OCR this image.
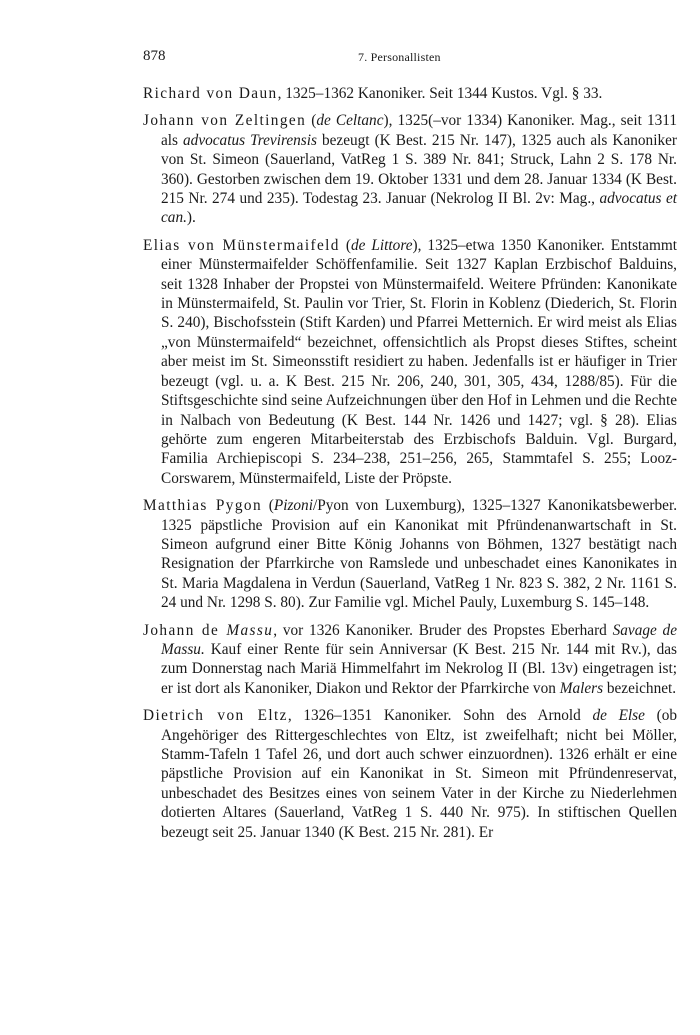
878	7. Personallisten

Richard von Daun, 1325–1362 Kanoniker. Seit 1344 Kustos. Vgl. § 33.

Johann von Zeltingen (de Celtanc), 1325(–vor 1334) Kanoniker. Mag., seit 1311 als advocatus Trevirensis bezeugt (K Best. 215 Nr. 147), 1325 auch als Kanoniker von St. Simeon (Sauerland, VatReg 1 S. 389 Nr. 841; Struck, Lahn 2 S. 178 Nr. 360). Gestorben zwischen dem 19. Oktober 1331 und dem 28. Januar 1334 (K Best. 215 Nr. 274 und 235). Todestag 23. Januar (Nekrolog II Bl. 2v: Mag., advocatus et can.).

Elias von Münstermaifeld (de Littore), 1325–etwa 1350 Kanoniker. Entstammt einer Münstermaifelder Schöffenfamilie. Seit 1327 Kaplan Erzbischof Balduins, seit 1328 Inhaber der Propstei von Münstermaifeld. Weitere Pfründen: Kanonikate in Münstermaifeld, St. Paulin vor Trier, St. Florin in Koblenz (Diederich, St. Florin S. 240), Bischofsstein (Stift Karden) und Pfarrei Metternich. Er wird meist als Elias „von Münstermaifeld“ bezeichnet, offensichtlich als Propst dieses Stiftes, scheint aber meist im St. Simeonsstift residiert zu haben. Jedenfalls ist er häufiger in Trier bezeugt (vgl. u. a. K Best. 215 Nr. 206, 240, 301, 305, 434, 1288/85). Für die Stiftsgeschichte sind seine Aufzeichnungen über den Hof in Lehmen und die Rechte in Nalbach von Bedeutung (K Best. 144 Nr. 1426 und 1427; vgl. § 28). Elias gehörte zum engeren Mitarbeiterstab des Erzbischofs Balduin. Vgl. Burgard, Familia Archiepiscopi S. 234–238, 251–256, 265, Stammtafel S. 255; Looz-Corswarem, Münstermaifeld, Liste der Pröpste.

Matthias Pygon (Pizoni/Pyon von Luxemburg), 1325–1327 Kanonikatsbewerber. 1325 päpstliche Provision auf ein Kanonikat mit Pfründenanwartschaft in St. Simeon aufgrund einer Bitte König Johanns von Böhmen, 1327 bestätigt nach Resignation der Pfarrkirche von Ramslede und unbeschadet eines Kanonikates in St. Maria Magdalena in Verdun (Sauerland, VatReg 1 Nr. 823 S. 382, 2 Nr. 1161 S. 24 und Nr. 1298 S. 80). Zur Familie vgl. Michel Pauly, Luxemburg S. 145–148.

Johann de Massu, vor 1326 Kanoniker. Bruder des Propstes Eberhard Savage de Massu. Kauf einer Rente für sein Anniversar (K Best. 215 Nr. 144 mit Rv.), das zum Donnerstag nach Mariä Himmelfahrt im Nekrolog II (Bl. 13v) eingetragen ist; er ist dort als Kanoniker, Diakon und Rektor der Pfarrkirche von Malers bezeichnet.

Dietrich von Eltz, 1326–1351 Kanoniker. Sohn des Arnold de Else (ob Angehöriger des Rittergeschlechtes von Eltz, ist zweifelhaft; nicht bei Möller, Stamm-Tafeln 1 Tafel 26, und dort auch schwer einzuordnen). 1326 erhält er eine päpstliche Provision auf ein Kanonikat in St. Simeon mit Pfründenreservat, unbeschadet des Besitzes eines von seinem Vater in der Kirche zu Niederlehmen dotierten Altares (Sauerland, VatReg 1 S. 440 Nr. 975). In stiftischen Quellen bezeugt seit 25. Januar 1340 (K Best. 215 Nr. 281). Er
